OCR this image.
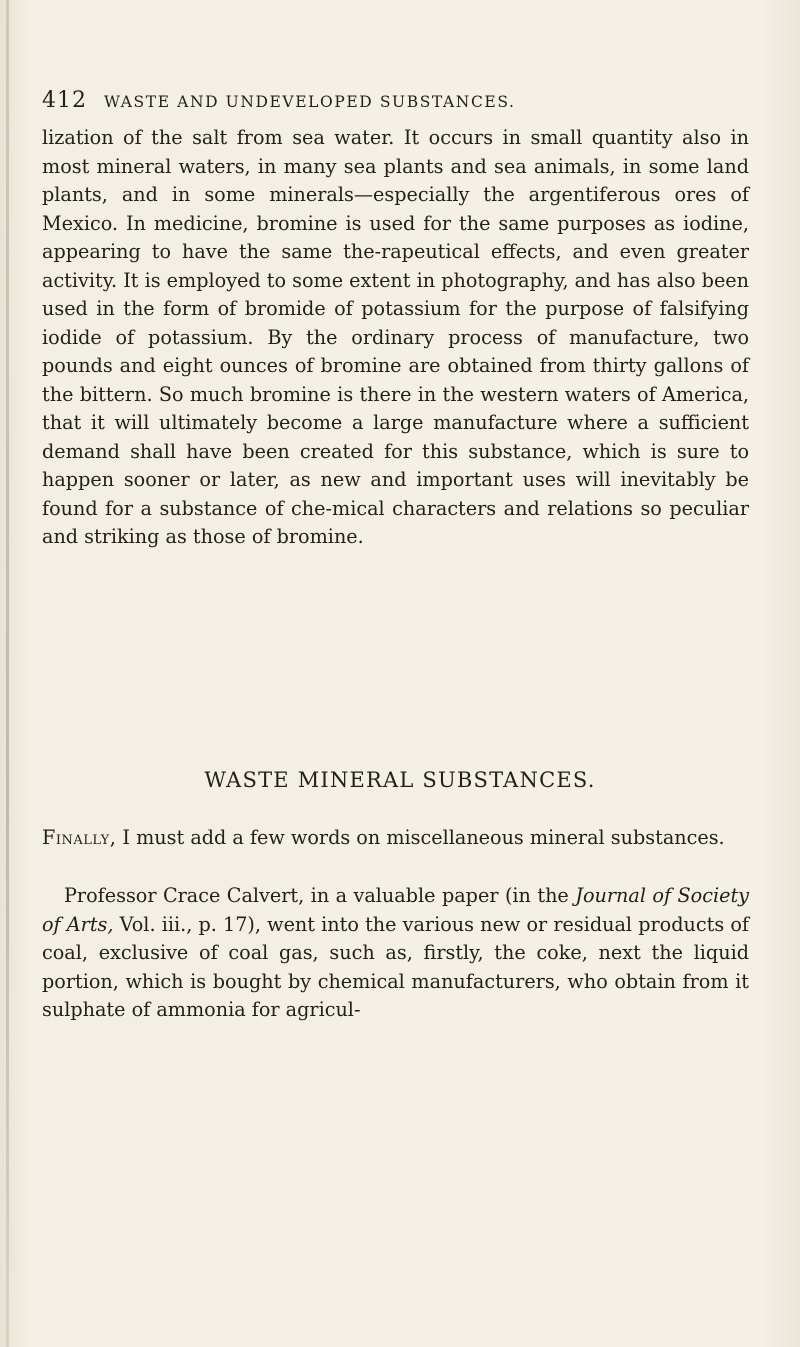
412 WASTE AND UNDEVELOPED SUBSTANCES.

lization of the salt from sea water. It occurs in small quantity also in most mineral waters, in many sea plants and sea animals, in some land plants, and in some minerals—especially the argentiferous ores of Mexico. In medicine, bromine is used for the same purposes as iodine, appearing to have the same the-rapeutical effects, and even greater activity. It is employed to some extent in photography, and has also been used in the form of bromide of potassium for the purpose of falsifying iodide of potassium. By the ordinary process of manufacture, two pounds and eight ounces of bromine are obtained from thirty gallons of the bittern. So much bromine is there in the western waters of America, that it will ultimately become a large manufacture where a sufficient demand shall have been created for this substance, which is sure to happen sooner or later, as new and important uses will inevitably be found for a substance of che-mical characters and relations so peculiar and striking as those of bromine.

WASTE MINERAL SUBSTANCES.

Finally, I must add a few words on miscellaneous mineral substances.

Professor Crace Calvert, in a valuable paper (in the Journal of Society of Arts, Vol. iii., p. 17), went into the various new or residual products of coal, exclusive of coal gas, such as, firstly, the coke, next the liquid portion, which is bought by chemical manufacturers, who obtain from it sulphate of ammonia for agricul-
